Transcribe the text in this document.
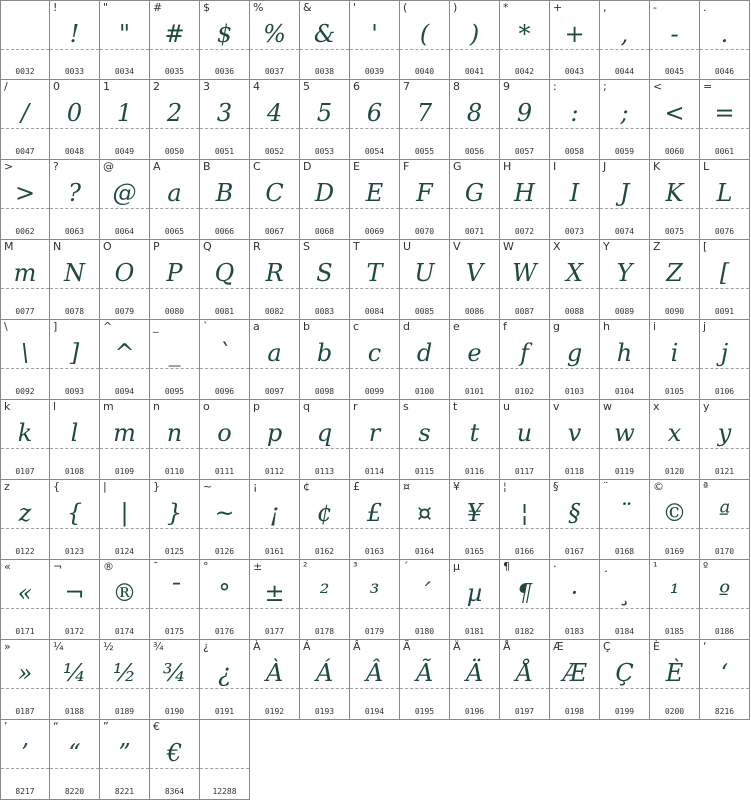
0032
!
!
0033
"
"
0034
#
#
0035
$
$
0036
%
%
0037
&
&
0038
'
'
0039
(
(
0040
)
)
0041
*
*
0042
+
+
0043
,
,
0044
-
-
0045
.
.
0046
/
/
0047
0
0
0048
1
1
0049
2
2
0050
3
3
0051
4
4
0052
5
5
0053
6
6
0054
7
7
0055
8
8
0056
9
9
0057
:
:
0058
;
;
0059
<
<
0060
=
=
0061
>
>
0062
?
?
0063
@
@
0064
A
a
0065
B
B
0066
C
C
0067
D
D
0068
E
E
0069
F
F
0070
G
G
0071
H
H
0072
I
I
0073
J
J
0074
K
K
0075
L
L
0076
M
m
0077
N
N
0078
O
O
0079
P
P
0080
Q
Q
0081
R
R
0082
S
S
0083
T
T
0084
U
U
0085
V
V
0086
W
W
0087
X
X
0088
Y
Y
0089
Z
Z
0090
[
[
0091
\
\
0092
]
]
0093
^
^
0094
_
_
0095
`
`
0096
a
a
0097
b
b
0098
c
c
0099
d
d
0100
e
e
0101
f
f
0102
g
g
0103
h
h
0104
i
i
0105
j
j
0106
k
k
0107
l
l
0108
m
m
0109
n
n
0110
o
o
0111
p
p
0112
q
q
0113
r
r
0114
s
s
0115
t
t
0116
u
u
0117
v
v
0118
w
w
0119
x
x
0120
y
y
0121
z
z
0122
{
{
0123
|
|
0124
}
}
0125
~
~
0126
¡
¡
0161
¢
¢
0162
£
£
0163
¤
¤
0164
¥
¥
0165
¦
¦
0166
§
§
0167
¨
¨
0168
©
©
0169
ª
ª
0170
«
«
0171
¬
¬
0172
®
®
0174
¯
¯
0175
°
°
0176
±
±
0177
²
²
0178
³
³
0179
´
´
0180
µ
µ
0181
¶
¶
0182
·
·
0183
¸
¸
0184
¹
¹
0185
º
º
0186
»
»
0187
¼
¼
0188
½
½
0189
¾
¾
0190
¿
¿
0191
À
À
0192
Á
Á
0193
Â
Â
0194
Ã
Ã
0195
Ä
Ä
0196
Å
Å
0197
Æ
Æ
0198
Ç
Ç
0199
È
È
0200
‘
‘
8216
’
’
8217
“
“
8220
”
”
8221
€
€
8364	12288
